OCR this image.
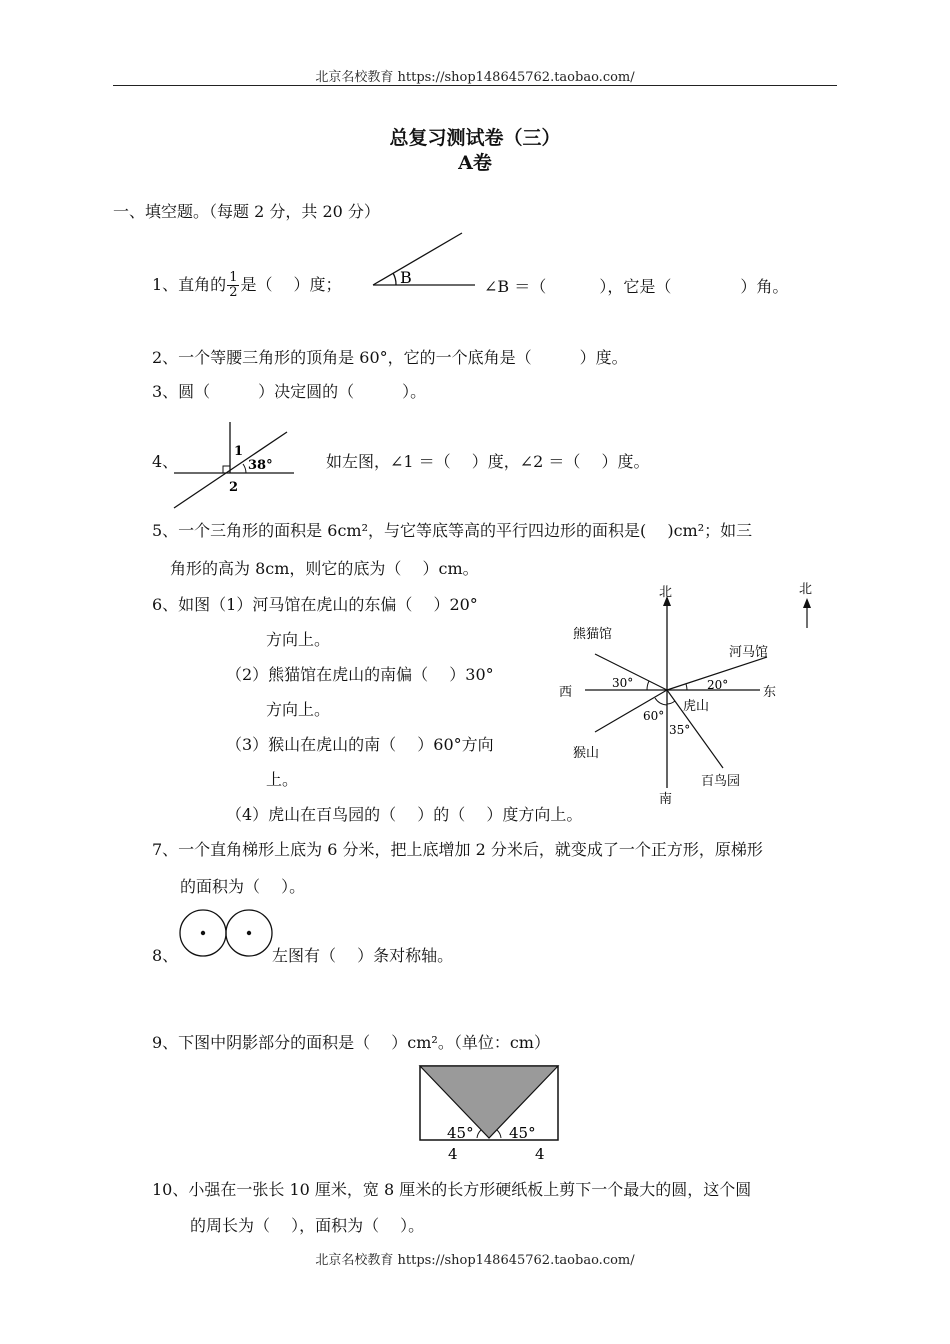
北京名校教育 https://shop148645762.taobao.com/
总复习测试卷（三）
A卷
一、填空题。（每题 2 分，共 20 分）
1、直角的 $\frac{1}{2}$ 是（　 ）度；	B	∠B ＝（　　　 ），它是（　　　　 ）角。
2、一个等腰三角形的顶角是 60°，它的一个底角是（　　　）度。
3、圆（　　　）决定圆的（　　　）。
4、
1
38°
2
如左图，∠1 ＝（　 ）度，∠2 ＝（　 ）度。
5、一个三角形的面积是 6cm²，与它等底等高的平行四边形的面积是(　 )cm²；如三
角形的高为 8cm，则它的底为（　 ）cm。
6、如图（1）河马馆在虎山的东偏（　 ）20°
方向上。
（2）熊猫馆在虎山的南偏（　 ）30°
方向上。
（3）猴山在虎山的南（　 ）60°方向
上。
（4）虎山在百鸟园的（　 ）的（　 ）度方向上。
北
南
东
西
熊猫馆
河马馆
虎山
猴山
百鸟园
30°	20°
60°
35°
北
7、一个直角梯形上底为 6 分米，把上底增加 2 分米后，就变成了一个正方形，原梯形
的面积为（　 ）。
8、	左图有（　 ）条对称轴。
9、下图中阴影部分的面积是（　 ）cm²。（单位：cm）
45° 45°
4	4
10、小强在一张长 10 厘米，宽 8 厘米的长方形硬纸板上剪下一个最大的圆，这个圆
的周长为（　 ），面积为（　 ）。
北京名校教育 https://shop148645762.taobao.com/
